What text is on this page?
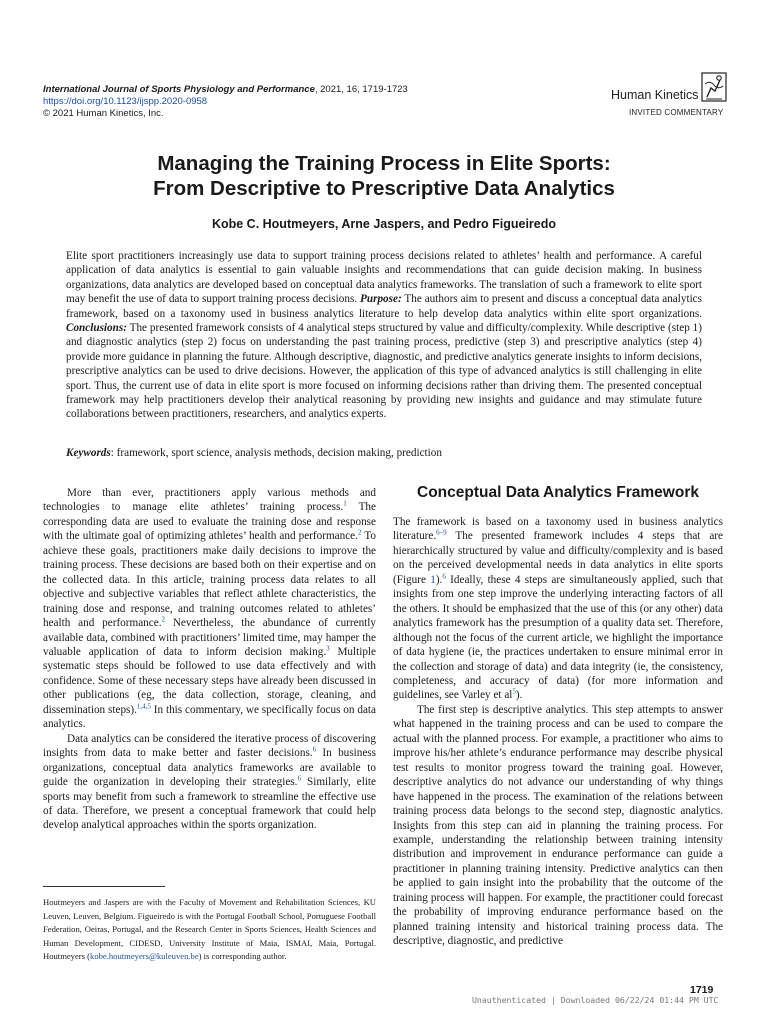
International Journal of Sports Physiology and Performance, 2021, 16, 1719-1723
https://doi.org/10.1123/ijspp.2020-0958
© 2021 Human Kinetics, Inc.
Human Kinetics
INVITED COMMENTARY
Managing the Training Process in Elite Sports:
From Descriptive to Prescriptive Data Analytics
Kobe C. Houtmeyers, Arne Jaspers, and Pedro Figueiredo
Elite sport practitioners increasingly use data to support training process decisions related to athletes’ health and performance. A careful application of data analytics is essential to gain valuable insights and recommendations that can guide decision making. In business organizations, data analytics are developed based on conceptual data analytics frameworks. The translation of such a framework to elite sport may benefit the use of data to support training process decisions. Purpose: The authors aim to present and discuss a conceptual data analytics framework, based on a taxonomy used in business analytics literature to help develop data analytics within elite sport organizations. Conclusions: The presented framework consists of 4 analytical steps structured by value and difficulty/complexity. While descriptive (step 1) and diagnostic analytics (step 2) focus on understanding the past training process, predictive (step 3) and prescriptive analytics (step 4) provide more guidance in planning the future. Although descriptive, diagnostic, and predictive analytics generate insights to inform decisions, prescriptive analytics can be used to drive decisions. However, the application of this type of advanced analytics is still challenging in elite sport. Thus, the current use of data in elite sport is more focused on informing decisions rather than driving them. The presented conceptual framework may help practitioners develop their analytical reasoning by providing new insights and guidance and may stimulate future collaborations between practitioners, researchers, and analytics experts.
Keywords: framework, sport science, analysis methods, decision making, prediction

More than ever, practitioners apply various methods and technologies to manage elite athletes’ training process.$^1$ The corresponding data are used to evaluate the training dose and response with the ultimate goal of optimizing athletes’ health and performance.$^2$ To achieve these goals, practitioners make daily decisions to improve the training process. These decisions are based both on their expertise and on the collected data. In this article, training process data relates to all objective and subjective variables that reflect athlete characteristics, the training dose and response, and training outcomes related to athletes’ health and performance.$^2$ Nevertheless, the abundance of currently available data, combined with practitioners’ limited time, may hamper the valuable application of data to inform decision making.$^3$ Multiple systematic steps should be followed to use data effectively and with confidence. Some of these necessary steps have already been discussed in other publications (eg, the data collection, storage, cleaning, and dissemination steps).$^{1,4,5}$ In this commentary, we specifically focus on data analytics.

Data analytics can be considered the iterative process of discovering insights from data to make better and faster decisions.$^6$ In business organizations, conceptual data analytics frameworks are available to guide the organization in developing their strategies.$^6$ Similarly, elite sports may benefit from such a framework to streamline the effective use of data. Therefore, we present a conceptual framework that could help develop analytical approaches within the sports organization.

Houtmeyers and Jaspers are with the Faculty of Movement and Rehabilitation Sciences, KU Leuven, Leuven, Belgium. Figueiredo is with the Portugal Football School, Portuguese Football Federation, Oeiras, Portugal, and the Research Center in Sports Sciences, Health Sciences and Human Development, CIDESD, University Institute of Maia, ISMAI, Maia, Portugal. Houtmeyers (kobe.houtmeyers@kuleuven.be) is corresponding author.
Conceptual Data Analytics Framework

The framework is based on a taxonomy used in business analytics literature.$^{6-9}$ The presented framework includes 4 steps that are hierarchically structured by value and difficulty/complexity and is based on the perceived developmental needs in data analytics in elite sports (Figure 1).$^6$ Ideally, these 4 steps are simultaneously applied, such that insights from one step improve the underlying interacting factors of all the others. It should be emphasized that the use of this (or any other) data analytics framework has the presumption of a quality data set. Therefore, although not the focus of the current article, we highlight the importance of data hygiene (ie, the practices undertaken to ensure minimal error in the collection and storage of data) and data integrity (ie, the consistency, completeness, and accuracy of data) (for more information and guidelines, see Varley et $al^5$).

The first step is descriptive analytics. This step attempts to answer what happened in the training process and can be used to compare the actual with the planned process. For example, a practitioner who aims to improve his/her athlete’s endurance performance may describe physical test results to monitor progress toward the training goal. However, descriptive analytics do not advance our understanding of why things have happened in the process. The examination of the relations between training process data belongs to the second step, diagnostic analytics. Insights from this step can aid in planning the training process. For example, understanding the relationship between training intensity distribution and improvement in endurance performance can guide a practitioner in planning training intensity. Predictive analytics can then be applied to gain insight into the probability that the outcome of the training process will happen. For example, the practitioner could forecast the probability of improving endurance performance based on the planned training intensity and historical training process data. The descriptive, diagnostic, and predictive

1719
Unauthenticated | Downloaded 06/22/24 01:44 PM UTC
